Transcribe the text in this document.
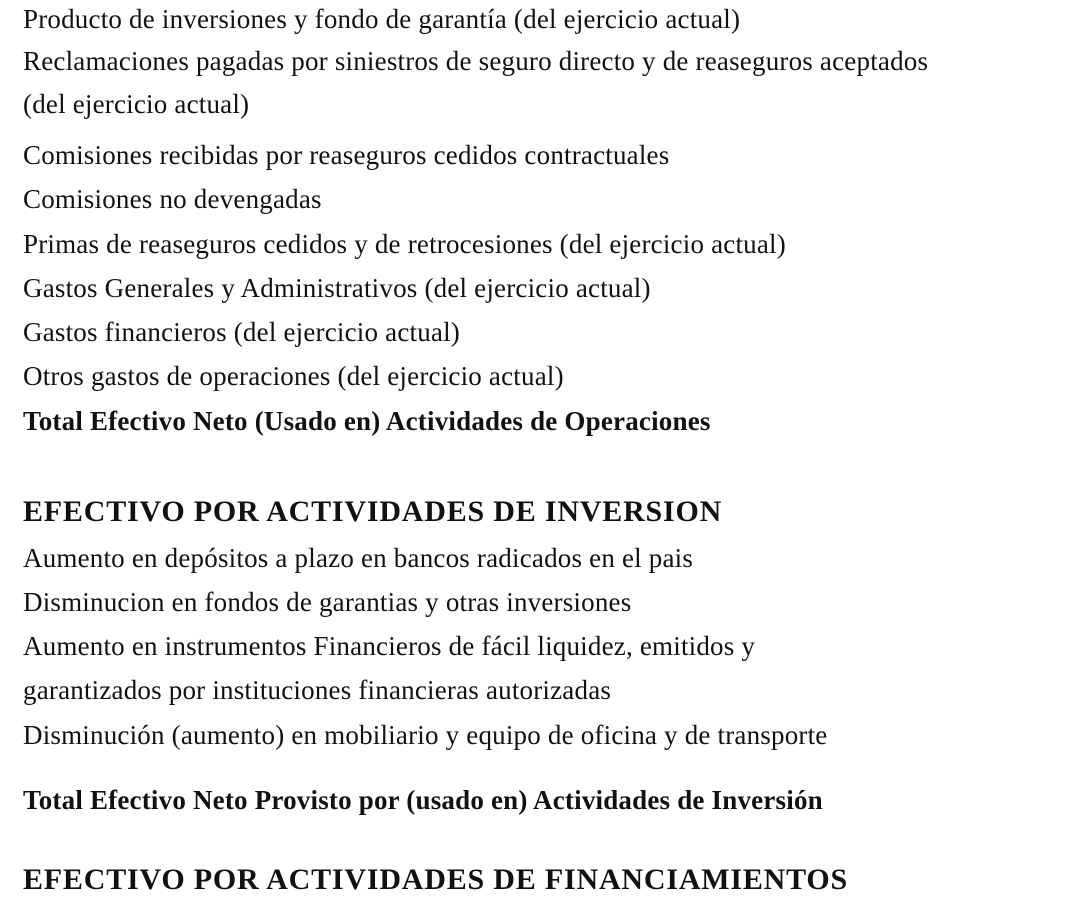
Producto de inversiones y fondo de garantía (del ejercicio actual)
Reclamaciones pagadas por siniestros de seguro directo y de reaseguros aceptados
(del ejercicio actual)
Comisiones recibidas por reaseguros cedidos contractuales
Comisiones no devengadas
Primas de reaseguros cedidos y de retrocesiones (del ejercicio actual)
Gastos Generales y Administrativos (del ejercicio actual)
Gastos financieros (del ejercicio actual)
Otros gastos de operaciones (del ejercicio actual)
Total Efectivo Neto (Usado en) Actividades de Operaciones
EFECTIVO POR ACTIVIDADES DE INVERSION
Aumento en depósitos a plazo en bancos radicados en el pais
Disminucion en fondos de garantias y otras inversiones
Aumento en instrumentos Financieros de fácil liquidez, emitidos y
garantizados por instituciones financieras autorizadas
Disminución (aumento) en mobiliario y equipo de oficina y de transporte
Total Efectivo Neto Provisto por (usado en) Actividades de Inversión
EFECTIVO POR ACTIVIDADES DE FINANCIAMIENTOS
